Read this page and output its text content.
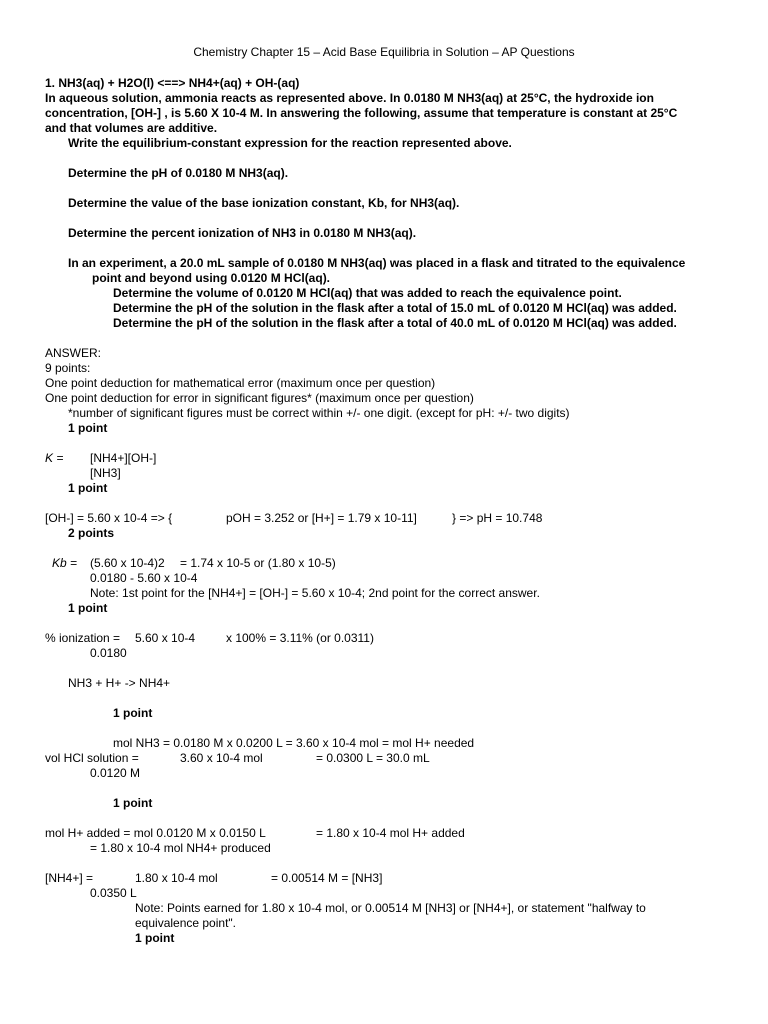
Chemistry Chapter 15 – Acid Base Equilibria in Solution – AP Questions
1. NH3(aq) + H2O(l) <==> NH4+(aq) + OH-(aq)
In aqueous solution, ammonia reacts as represented above. In 0.0180 M NH3(aq) at 25°C, the hydroxide ion
concentration, [OH-] , is 5.60 X 10-4 M. In answering the following, assume that temperature is constant at 25°C
and that volumes are additive.
Write the equilibrium-constant expression for the reaction represented above.
Determine the pH of 0.0180 M NH3(aq).
Determine the value of the base ionization constant, Kb, for NH3(aq).
Determine the percent ionization of NH3 in 0.0180 M NH3(aq).
In an experiment, a 20.0 mL sample of 0.0180 M NH3(aq) was placed in a flask and titrated to the equivalence
point and beyond using 0.0120 M HCl(aq).
Determine the volume of 0.0120 M HCl(aq) that was added to reach the equivalence point.
Determine the pH of the solution in the flask after a total of 15.0 mL of 0.0120 M HCl(aq) was added.
Determine the pH of the solution in the flask after a total of 40.0 mL of 0.0120 M HCl(aq) was added.
ANSWER:
9 points:
One point deduction for mathematical error (maximum once per question)
One point deduction for error in significant figures* (maximum once per question)
*number of significant figures must be correct within +/- one digit. (except for pH: +/- two digits)
1 point
K = [NH4+][OH-]
[NH3]
1 point
[OH-] = 5.60 x 10-4 => {	pOH = 3.252 or [H+] = 1.79 x 10-11]	} => pH = 10.748
2 points
Kb = (5.60 x 10-4)2 = 1.74 x 10-5 or (1.80 x 10-5)
0.0180 - 5.60 x 10-4
Note: 1st point for the [NH4+] = [OH-] = 5.60 x 10-4; 2nd point for the correct answer.
1 point
% ionization = 5.60 x 10-4	x 100% = 3.11% (or 0.0311)
0.0180
NH3 + H+ -> NH4+
1 point
mol NH3 = 0.0180 M x 0.0200 L = 3.60 x 10-4 mol = mol H+ needed
vol HCl solution =	3.60 x 10-4 mol	= 0.0300 L = 30.0 mL
0.0120 M
1 point
mol H+ added = mol 0.0120 M x 0.0150 L	= 1.80 x 10-4 mol H+ added
= 1.80 x 10-4 mol NH4+ produced
[NH4+] =	1.80 x 10-4 mol	= 0.00514 M = [NH3]
0.0350 L
Note: Points earned for 1.80 x 10-4 mol, or 0.00514 M [NH3] or [NH4+], or statement "halfway to
equivalence point".
1 point
